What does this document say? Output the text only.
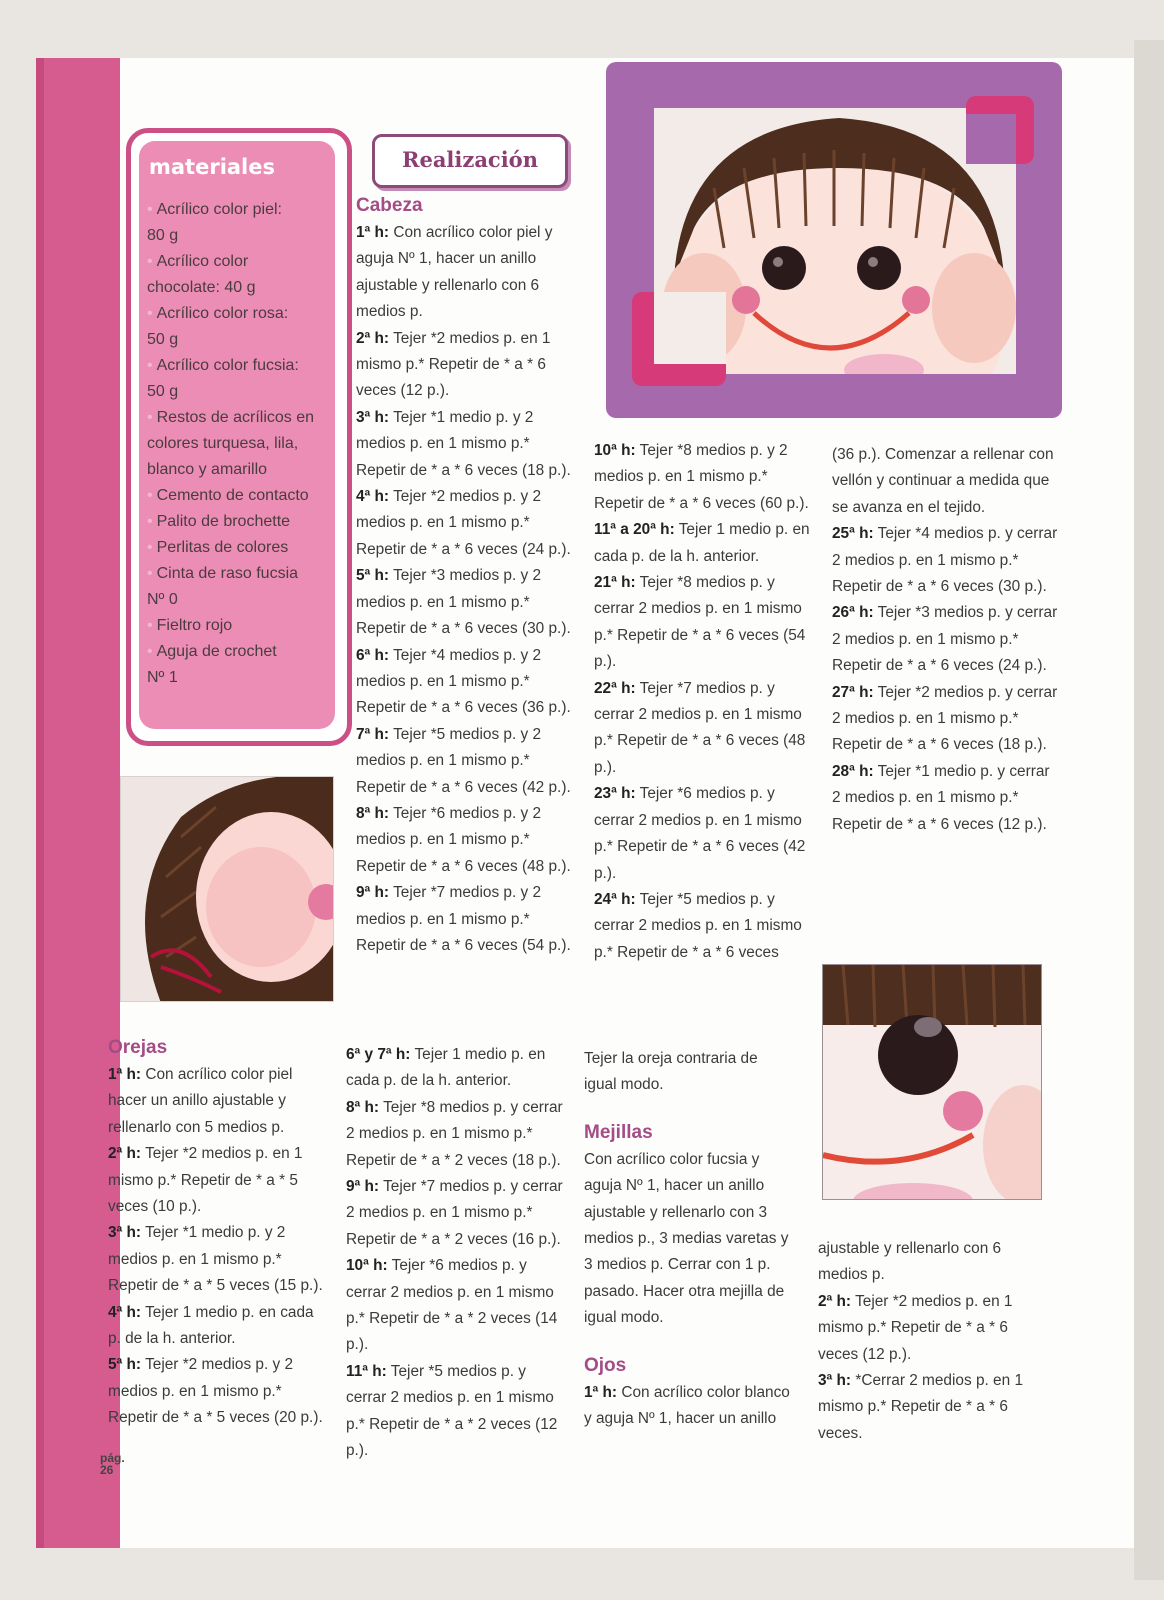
materiales
• Acrílico color piel:
80 g
• Acrílico color
chocolate: 40 g
• Acrílico color rosa:
50 g
• Acrílico color fucsia:
50 g
• Restos de acrílicos en
colores turquesa, lila,
blanco y amarillo
• Cemento de contacto
• Palito de brochette
• Perlitas de colores
• Cinta de raso fucsia
Nº 0
• Fieltro rojo
• Aguja de crochet
Nº 1
Realización
Cabeza

1ª h: Con acrílico color piel y aguja Nº 1, hacer un anillo ajustable y rellenarlo con 6 medios p.

2ª h: Tejer *2 medios p. en 1 mismo p.* Repetir de * a * 6 veces (12 p.).

3ª h: Tejer *1 medio p. y 2 medios p. en 1 mismo p.* Repetir de * a * 6 veces (18 p.).

4ª h: Tejer *2 medios p. y 2 medios p. en 1 mismo p.* Repetir de * a * 6 veces (24 p.).

5ª h: Tejer *3 medios p. y 2 medios p. en 1 mismo p.* Repetir de * a * 6 veces (30 p.).

6ª h: Tejer *4 medios p. y 2 medios p. en 1 mismo p.* Repetir de * a * 6 veces (36 p.).

7ª h: Tejer *5 medios p. y 2 medios p. en 1 mismo p.* Repetir de * a * 6 veces (42 p.).

8ª h: Tejer *6 medios p. y 2 medios p. en 1 mismo p.* Repetir de * a * 6 veces (48 p.).

9ª h: Tejer *7 medios p. y 2 medios p. en 1 mismo p.* Repetir de * a * 6 veces (54 p.).

10ª h: Tejer *8 medios p. y 2 medios p. en 1 mismo p.* Repetir de * a * 6 veces (60 p.).

11ª a 20ª h: Tejer 1 medio p. en cada p. de la h. anterior.

21ª h: Tejer *8 medios p. y cerrar 2 medios p. en 1 mismo p.* Repetir de * a * 6 veces (54 p.).

22ª h: Tejer *7 medios p. y cerrar 2 medios p. en 1 mismo p.* Repetir de * a * 6 veces (48 p.).

23ª h: Tejer *6 medios p. y cerrar 2 medios p. en 1 mismo p.* Repetir de * a * 6 veces (42 p.).

24ª h: Tejer *5 medios p. y cerrar 2 medios p. en 1 mismo p.* Repetir de * a * 6 veces

(36 p.). Comenzar a rellenar con vellón y continuar a medida que se avanza en el tejido.

25ª h: Tejer *4 medios p. y cerrar 2 medios p. en 1 mismo p.* Repetir de * a * 6 veces (30 p.).

26ª h: Tejer *3 medios p. y cerrar 2 medios p. en 1 mismo p.* Repetir de * a * 6 veces (24 p.).

27ª h: Tejer *2 medios p. y cerrar 2 medios p. en 1 mismo p.* Repetir de * a * 6 veces (18 p.).

28ª h: Tejer *1 medio p. y cerrar 2 medios p. en 1 mismo p.* Repetir de * a * 6 veces (12 p.).

Orejas

1ª h: Con acrílico color piel hacer un anillo ajustable y rellenarlo con 5 medios p.

2ª h: Tejer *2 medios p. en 1 mismo p.* Repetir de * a * 5 veces (10 p.).

3ª h: Tejer *1 medio p. y 2 medios p. en 1 mismo p.* Repetir de * a * 5 veces (15 p.).

4ª h: Tejer 1 medio p. en cada p. de la h. anterior.

5ª h: Tejer *2 medios p. y 2 medios p. en 1 mismo p.* Repetir de * a * 5 veces (20 p.).

6ª y 7ª h: Tejer 1 medio p. en cada p. de la h. anterior.

8ª h: Tejer *8 medios p. y cerrar 2 medios p. en 1 mismo p.* Repetir de * a * 2 veces (18 p.).

9ª h: Tejer *7 medios p. y cerrar 2 medios p. en 1 mismo p.* Repetir de * a * 2 veces (16 p.).

10ª h: Tejer *6 medios p. y cerrar 2 medios p. en 1 mismo p.* Repetir de * a * 2 veces (14 p.).

11ª h: Tejer *5 medios p. y cerrar 2 medios p. en 1 mismo p.* Repetir de * a * 2 veces (12 p.).

Tejer la oreja contraria de igual modo.

Mejillas

Con acrílico color fucsia y aguja Nº 1, hacer un anillo ajustable y rellenarlo con 3 medios p., 3 medias varetas y 3 medios p. Cerrar con 1 p. pasado. Hacer otra mejilla de igual modo.

Ojos

1ª h: Con acrílico color blanco y aguja Nº 1, hacer un anillo

ajustable y rellenarlo con 6 medios p.

2ª h: Tejer *2 medios p. en 1 mismo p.* Repetir de * a * 6 veces (12 p.).

3ª h: *Cerrar 2 medios p. en 1 mismo p.* Repetir de * a * 6 veces.

pág.
26
